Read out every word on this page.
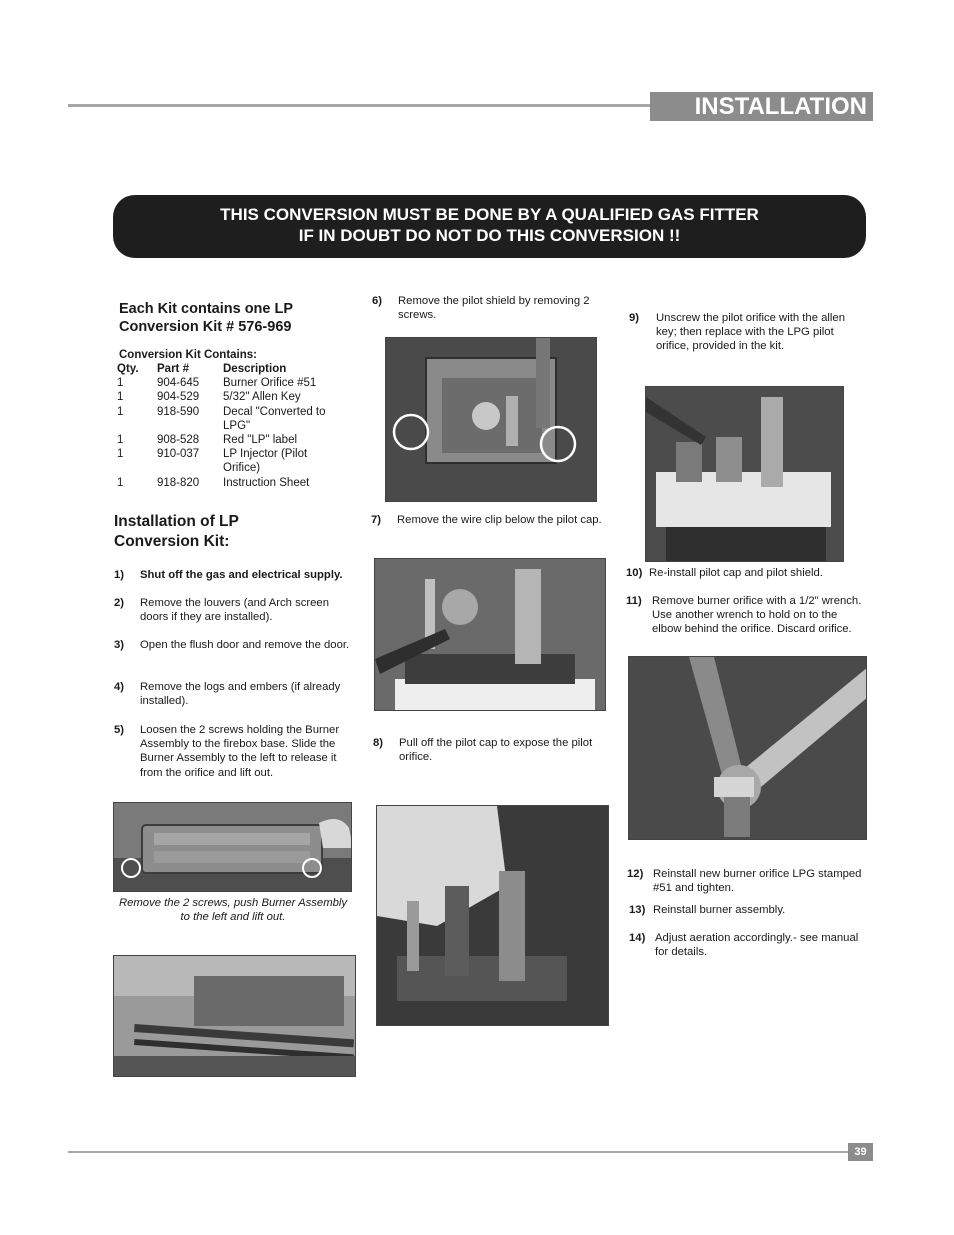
INSTALLATION
THIS CONVERSION MUST BE DONE BY A QUALIFIED GAS FITTER
IF IN DOUBT DO NOT DO THIS CONVERSION !!
Each Kit contains one LP
Conversion Kit # 576-969
Conversion Kit Contains:
Qty.	Part #	Description
1	904-645	Burner Orifice #51
1	904-529	5/32" Allen Key
1	918-590	Decal "Converted to LPG"
1	908-528	Red "LP" label
1	910-037	LP Injector (Pilot Orifice)
1	918-820	Instruction Sheet
Installation of LP
Conversion Kit:
1) Shut off the gas and electrical supply.
2) Remove the louvers (and Arch screen doors if they are installed).
3) Open the flush door and remove the door.
4) Remove the logs and embers (if already installed).
5) Loosen the 2 screws holding the Burner Assembly to the firebox base. Slide the Burner Assembly to the left to release it from the orifice and lift out.
Remove the 2 screws, push Burner Assembly to the left and lift out.
6) Remove the pilot shield by removing 2 screws.
7) Remove the wire clip below the pilot cap.
8) Pull off the pilot cap to expose the pilot orifice.
9) Unscrew the pilot orifice with the allen key; then replace with the LPG pilot orifice, provided in the kit.
10) Re-install pilot cap and pilot shield.
11) Remove burner orifice with a 1/2" wrench. Use another wrench to hold on to the elbow behind the orifice. Discard orifice.
12) Reinstall new burner orifice LPG stamped #51 and tighten.
13) Reinstall burner assembly.
14) Adjust aeration accordingly.- see manual for details.
39
